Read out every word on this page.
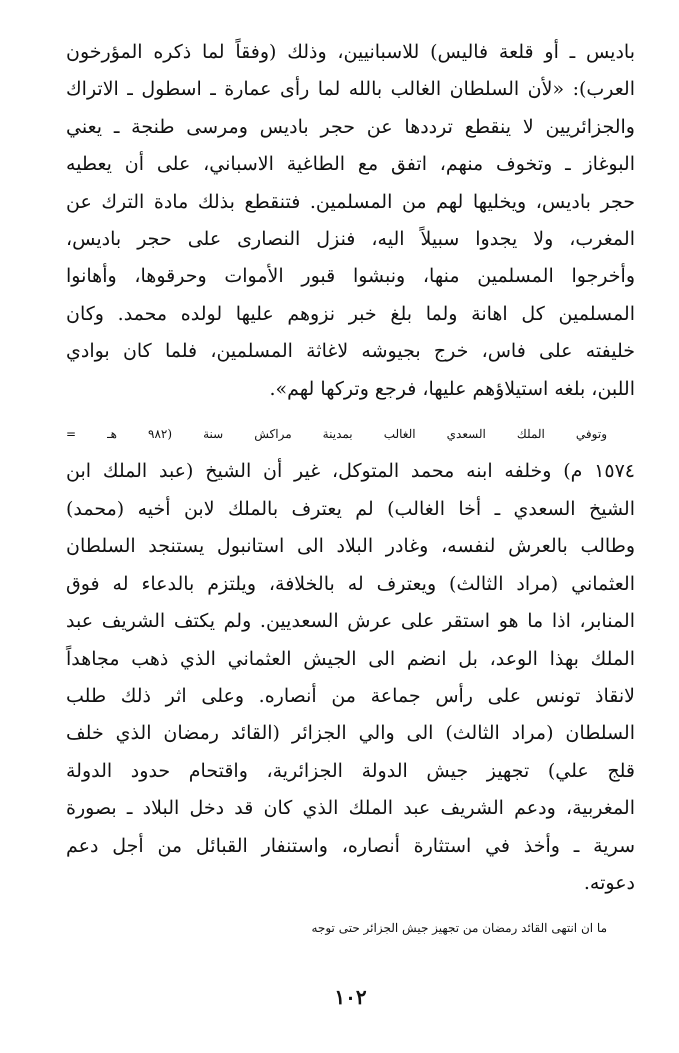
باديس ـ أو قلعة فاليس) للاسبانيين، وذلك (وفقاً لما ذكره المؤرخون
العرب): «لأن السلطان الغالب بالله لما رأى عمارة ـ اسطول ـ الاتراك
والجزائريين لا ينقطع ترددها عن حجر باديس ومرسى طنجة ـ يعني
البوغاز ـ وتخوف منهم، اتفق مع الطاغية الاسباني، على أن يعطيه
حجر باديس، ويخليها لهم من المسلمين. فتنقطع بذلك مادة الترك عن
المغرب، ولا يجدوا سبيلاً اليه، فنزل النصارى على حجر باديس،
وأخرجوا المسلمين منها، ونبشوا قبور الأموات وحرقوها، وأهانوا
المسلمين كل اهانة ولما بلغ خبر نزوهم عليها لولده محمد. وكان
خليفته على فاس، خرج بجيوشه لاغاثة المسلمين، فلما كان بوادي
اللبن، بلغه استيلاؤهم عليها، فرجع وتركها لهم».

وتوفي الملك السعدي الغالب بمدينة مراكش سنة (٩٨٢ هـ =
١٥٧٤ م) وخلفه ابنه محمد المتوكل، غير أن الشيخ (عبد الملك ابن
الشيخ السعدي ـ أخا الغالب) لم يعترف بالملك لابن أخيه (محمد)
وطالب بالعرش لنفسه، وغادر البلاد الى استانبول يستنجد السلطان
العثماني (مراد الثالث) ويعترف له بالخلافة، ويلتزم بالدعاء له فوق
المنابر، اذا ما هو استقر على عرش السعديين. ولم يكتف الشريف عبد
الملك بهذا الوعد، بل انضم الى الجيش العثماني الذي ذهب مجاهداً
لانقاذ تونس على رأس جماعة من أنصاره. وعلى اثر ذلك طلب
السلطان (مراد الثالث) الى والي الجزائر (القائد رمضان الذي خلف
قلج علي) تجهيز جيش الدولة الجزائرية، واقتحام حدود الدولة
المغربية، ودعم الشريف عبد الملك الذي كان قد دخل البلاد ـ بصورة
سرية ـ وأخذ في استثارة أنصاره، واستنفار القبائل من أجل دعم
دعوته.

ما ان انتهى القائد رمضان من تجهيز جيش الجزائر حتى توجه

١٠٢
